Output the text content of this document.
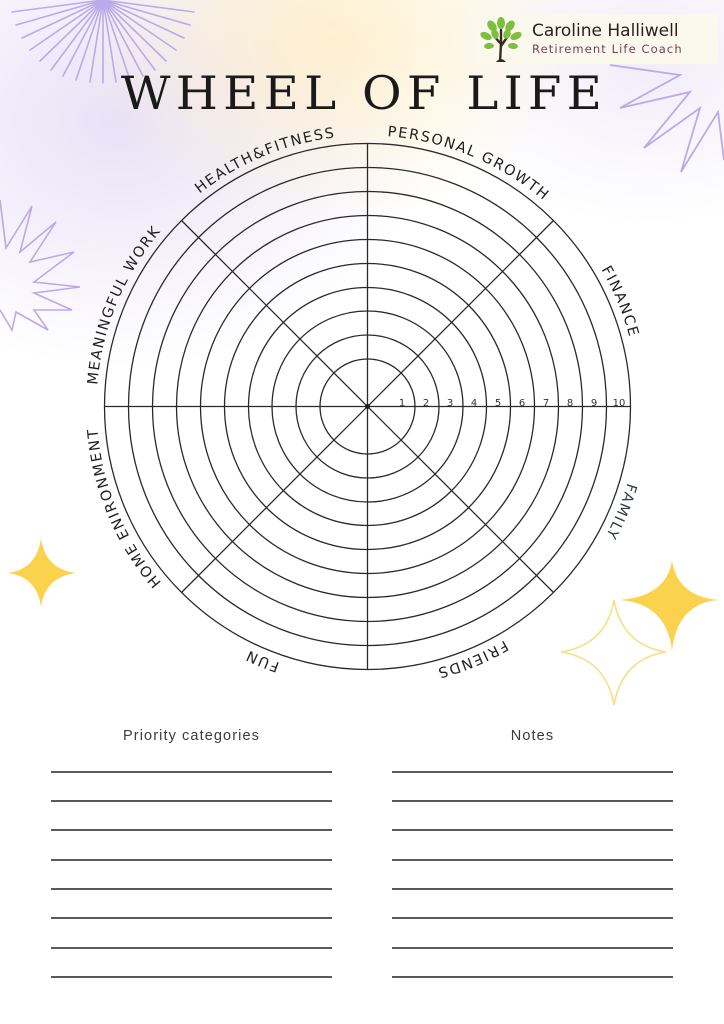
Caroline Halliwell
Retirement Life Coach
WHEEL OF LIFE
1 2 3 4 5 6 7 8 9 10
PERSONAL GROWTH
FINANCE
FAMILY
FRIENDS
FUN
HOME ENIRONMENT
MEANINGFUL WORK
HEALTH&FITNESS
Priority categories	Notes
